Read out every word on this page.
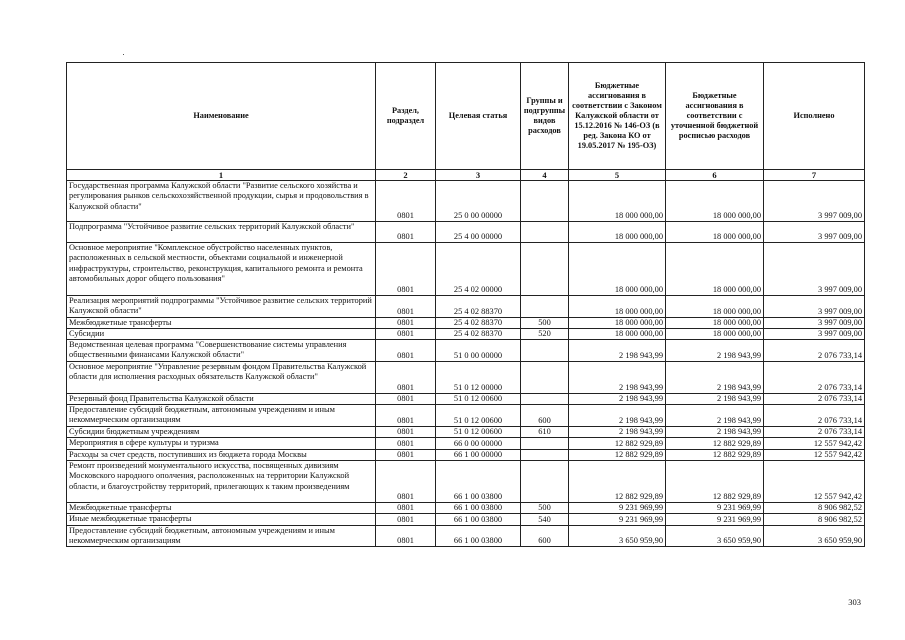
Наименование	Раздел, подраздел	Целевая статья	Группы и подгруппы видов расходов	Бюджетные ассигнования в соответствии с Законом Калужской области от 15.12.2016 № 146-ОЗ (в ред. Закона КО от 19.05.2017 № 195-ОЗ)	Бюджетные ассигнования в соответствии с уточненной бюджетной росписью расходов	Исполнено
1	2	3	4	5	6	7
Государственная программа Калужской области "Развитие сельского хозяйства и регулирования рынков сельскохозяйственной продукции, сырья и продовольствия в Калужской области"	0801	25 0 00 00000		18 000 000,00	18 000 000,00	3 997 009,00
Подпрограмма "Устойчивое развитие сельских территорий Калужской области"	0801	25 4 00 00000		18 000 000,00	18 000 000,00	3 997 009,00
Основное мероприятие "Комплексное обустройство населенных пунктов, расположенных в сельской местности, объектами социальной и инженерной инфраструктуры, строительство, реконструкция, капитального ремонта и ремонта автомобильных дорог общего пользования"	0801	25 4 02 00000		18 000 000,00	18 000 000,00	3 997 009,00
Реализация мероприятий подпрограммы "Устойчивое развитие сельских территорий Калужской области"	0801	25 4 02 88370		18 000 000,00	18 000 000,00	3 997 009,00
Межбюджетные трансферты	0801	25 4 02 88370	500	18 000 000,00	18 000 000,00	3 997 009,00
Субсидии	0801	25 4 02 88370	520	18 000 000,00	18 000 000,00	3 997 009,00
Ведомственная целевая программа "Совершенствование системы управления общественными финансами Калужской области"	0801	51 0 00 00000		2 198 943,99	2 198 943,99	2 076 733,14
Основное мероприятие "Управление резервным фондом Правительства Калужской области для исполнения расходных обязательств Калужской области"	0801	51 0 12 00000		2 198 943,99	2 198 943,99	2 076 733,14
Резервный фонд Правительства Калужской области	0801	51 0 12 00600		2 198 943,99	2 198 943,99	2 076 733,14
Предоставление субсидий бюджетным, автономным учреждениям и иным некоммерческим организациям	0801	51 0 12 00600	600	2 198 943,99	2 198 943,99	2 076 733,14
Субсидии бюджетным учреждениям	0801	51 0 12 00600	610	2 198 943,99	2 198 943,99	2 076 733,14
Мероприятия в сфере культуры и туризма	0801	66 0 00 00000		12 882 929,89	12 882 929,89	12 557 942,42
Расходы за счет средств, поступивших из бюджета города Москвы	0801	66 1 00 00000		12 882 929,89	12 882 929,89	12 557 942,42
Ремонт произведений монументального искусства, посвященных дивизиям Московского народного ополчения, расположенных на территории Калужской области, и благоустройству территорий, прилегающих к таким произведениям	0801	66 1 00 03800		12 882 929,89	12 882 929,89	12 557 942,42
Межбюджетные трансферты	0801	66 1 00 03800	500	9 231 969,99	9 231 969,99	8 906 982,52
Иные межбюджетные трансферты	0801	66 1 00 03800	540	9 231 969,99	9 231 969,99	8 906 982,52
Предоставление субсидий бюджетным, автономным учреждениям и иным некоммерческим организациям	0801	66 1 00 03800	600	3 650 959,90	3 650 959,90	3 650 959,90
303
